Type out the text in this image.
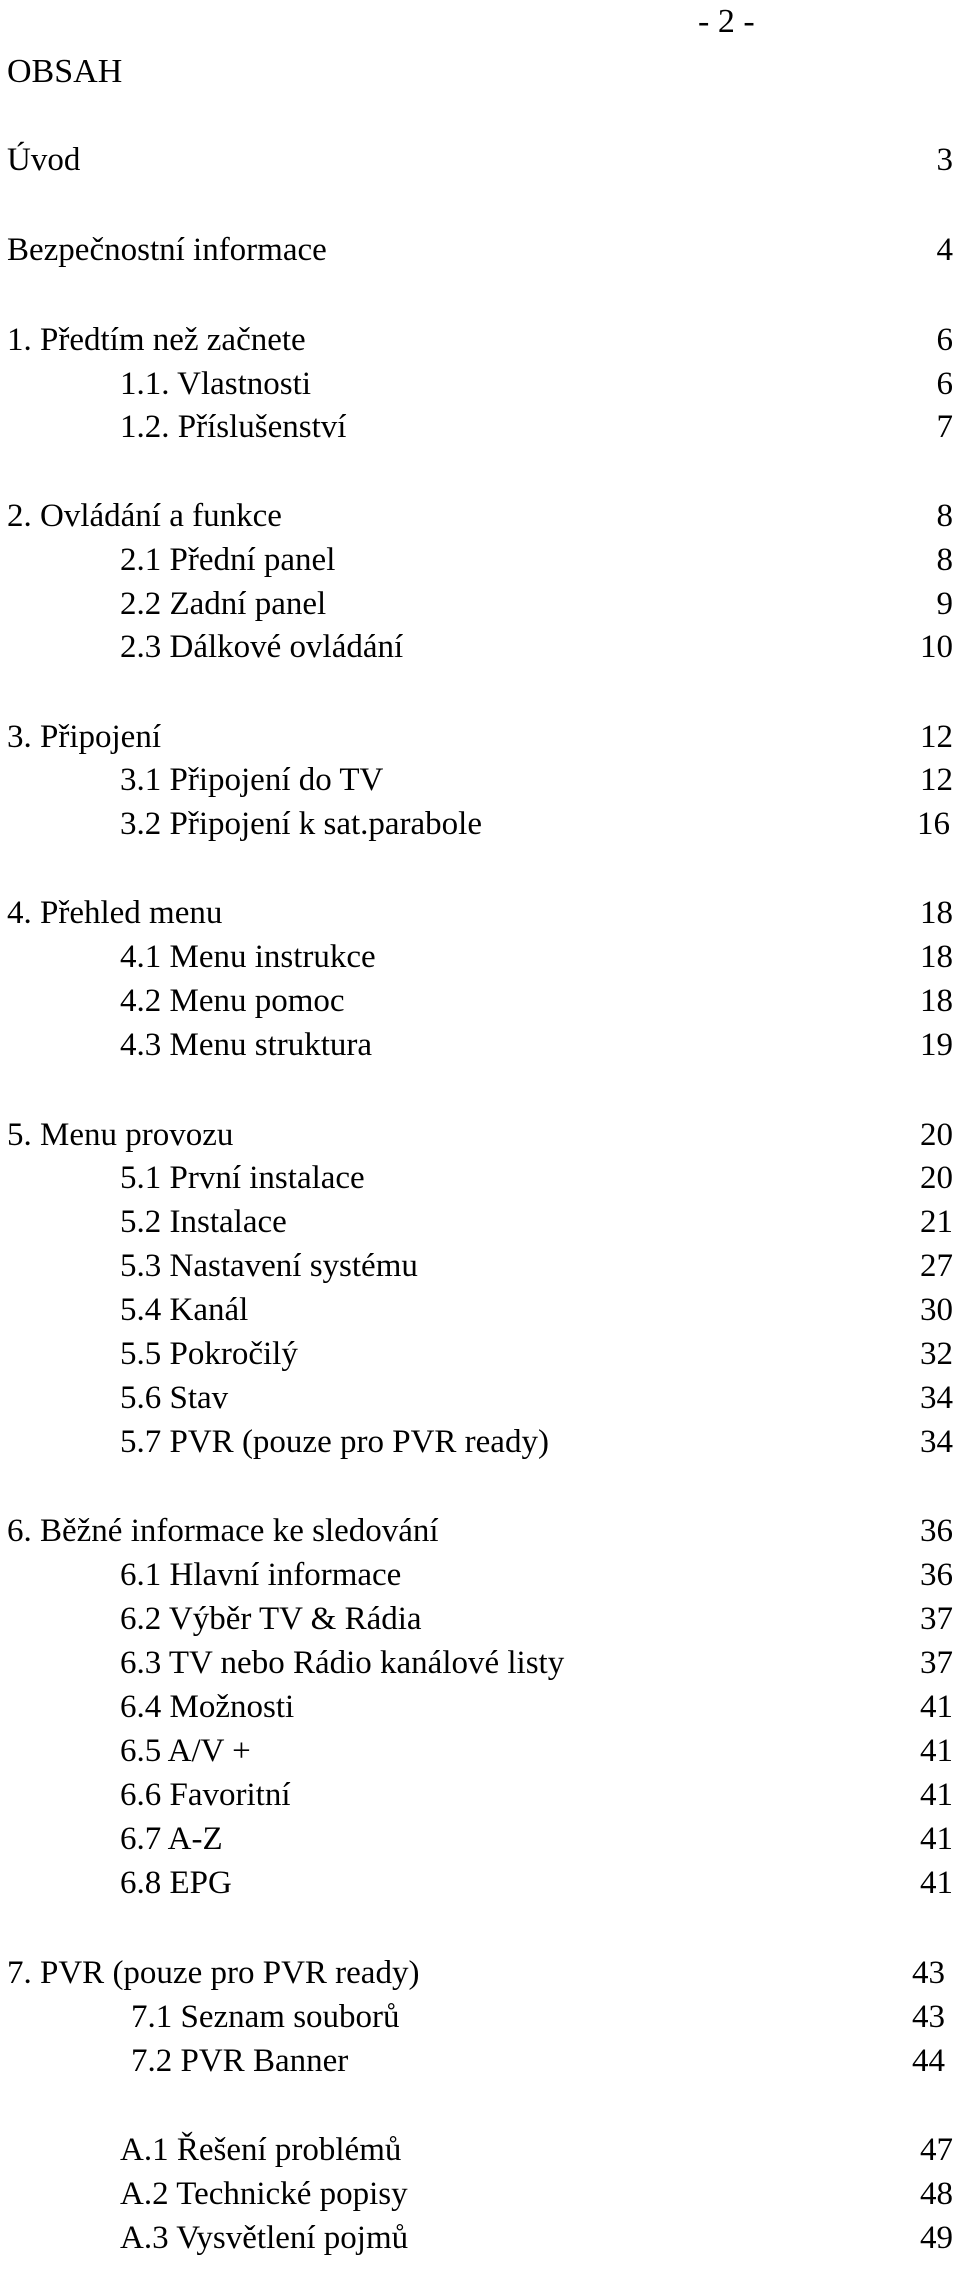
- 2 -
OBSAH
Úvod	3
Bezpečnostní informace	4
1. Předtím než začnete	6
1.1. Vlastnosti	6
1.2. Příslušenství	7
2. Ovládání a funkce	8
2.1 Přední panel	8
2.2 Zadní panel	9
2.3 Dálkové ovládání	10
3. Připojení	12
3.1 Připojení do TV	12
3.2 Připojení k sat.parabole	16
4. Přehled menu	18
4.1 Menu instrukce	18
4.2 Menu pomoc	18
4.3 Menu struktura	19
5. Menu provozu	20
5.1 První instalace	20
5.2 Instalace	21
5.3 Nastavení systému	27
5.4 Kanál	30
5.5 Pokročilý	32
5.6 Stav	34
5.7 PVR (pouze pro PVR ready)	34
6. Běžné informace ke sledování	36
6.1 Hlavní informace	36
6.2 Výběr TV & Rádia	37
6.3 TV nebo Rádio kanálové listy	37
6.4 Možnosti	41
6.5 A/V +	41
6.6 Favoritní	41
6.7 A-Z	41
6.8 EPG	41
7. PVR (pouze pro PVR ready)	43
7.1 Seznam souborů	43
7.2 PVR Banner	44
A.1 Řešení problémů	47
A.2 Technické popisy	48
A.3 Vysvětlení pojmů	49
